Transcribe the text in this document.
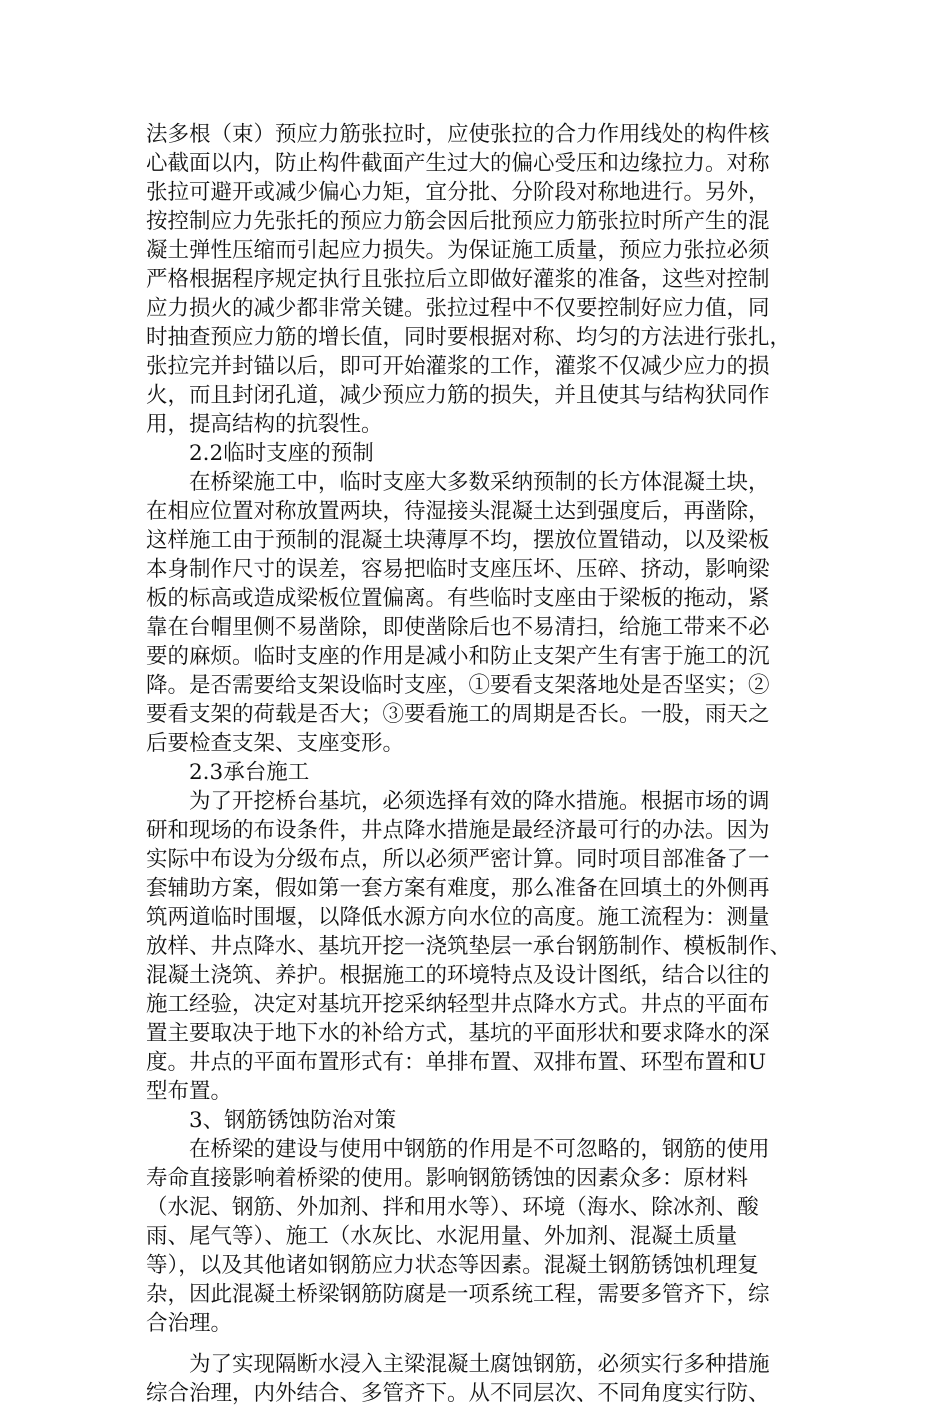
法多根（束）预应力筋张拉时，应使张拉的合力作用线处的构件核
心截面以内，防止构件截面产生过大的偏心受压和边缘拉力。对称
张拉可避开或减少偏心力矩，宜分批、分阶段对称地进行。另外，
按控制应力先张托的预应力筋会因后批预应力筋张拉时所产生的混
凝土弹性压缩而引起应力损失。为保证施工质量，预应力张拉必须
严格根据程序规定执行且张拉后立即做好灌浆的准备，这些对控制
应力损火的减少都非常关键。张拉过程中不仅要控制好应力值，同
时抽查预应力筋的增长值，同时要根据对称、均匀的方法进行张扎，
张拉完并封锚以后，即可开始灌浆的工作，灌浆不仅减少应力的损
火，而且封闭孔道，减少预应力筋的损失，并且使其与结构犾同作
用，提高结构的抗裂性。
2.2临时支座的预制
在桥梁施工中，临时支座大多数采纳预制的长方体混凝土块，
在相应位置对称放置两块，待湿接头混凝土达到强度后，再凿除，
这样施工由于预制的混凝土块薄厚不均，摆放位置错动，以及梁板
本身制作尺寸的误差，容易把临时支座压坏、压碎、挤动，影响梁
板的标高或造成梁板位置偏离。有些临时支座由于梁板的拖动，紧
靠在台帽里侧不易凿除，即使凿除后也不易清扫，给施工带来不必
要的麻烦。临时支座的作用是减小和防止支架产生有害于施工的沉
降。是否需要给支架设临时支座，①要看支架落地处是否坚实；②
要看支架的荷载是否大；③要看施工的周期是否长。一股，雨天之
后要检查支架、支座变形。
2.3承台施工
为了开挖桥台基坑，必须选择有效的降水措施。根据市场的调
研和现场的布设条件，井点降水措施是最经济最可行的办法。因为
实际中布设为分级布点，所以必须严密计算。同时项目部准备了一
套辅助方案，假如第一套方案有难度，那么准备在回填土的外侧再
筑两道临时围堰，以降低水源方向水位的高度。施工流程为：测量
放样、井点降水、基坑开挖一浇筑垫层一承台钢筋制作、模板制作、
混凝土浇筑、养护。根据施工的环境特点及设计图纸，结合以往的
施工经验，决定对基坑开挖采纳轻型井点降水方式。井点的平面布
置主要取决于地下水的补给方式，基坑的平面形状和要求降水的深
度。井点的平面布置形式有：单排布置、双排布置、环型布置和U
型布置。
3、钢筋锈蚀防治对策
在桥梁的建设与使用中钢筋的作用是不可忽略的，钢筋的使用
寿命直接影响着桥梁的使用。影响钢筋锈蚀的因素众多：原材料
（水泥、钢筋、外加剂、拌和用水等）、环境（海水、除冰剂、酸
雨、尾气等）、施工（水灰比、水泥用量、外加剂、混凝土质量
等），以及其他诸如钢筋应力状态等因素。混凝土钢筋锈蚀机理复
杂，因此混凝土桥梁钢筋防腐是一项系统工程，需要多管齐下，综
合治理。
为了实现隔断水浸入主梁混凝土腐蚀钢筋，必须实行多种措施
综合治理，内外结合、多管齐下。从不同层次、不同角度实行防、
